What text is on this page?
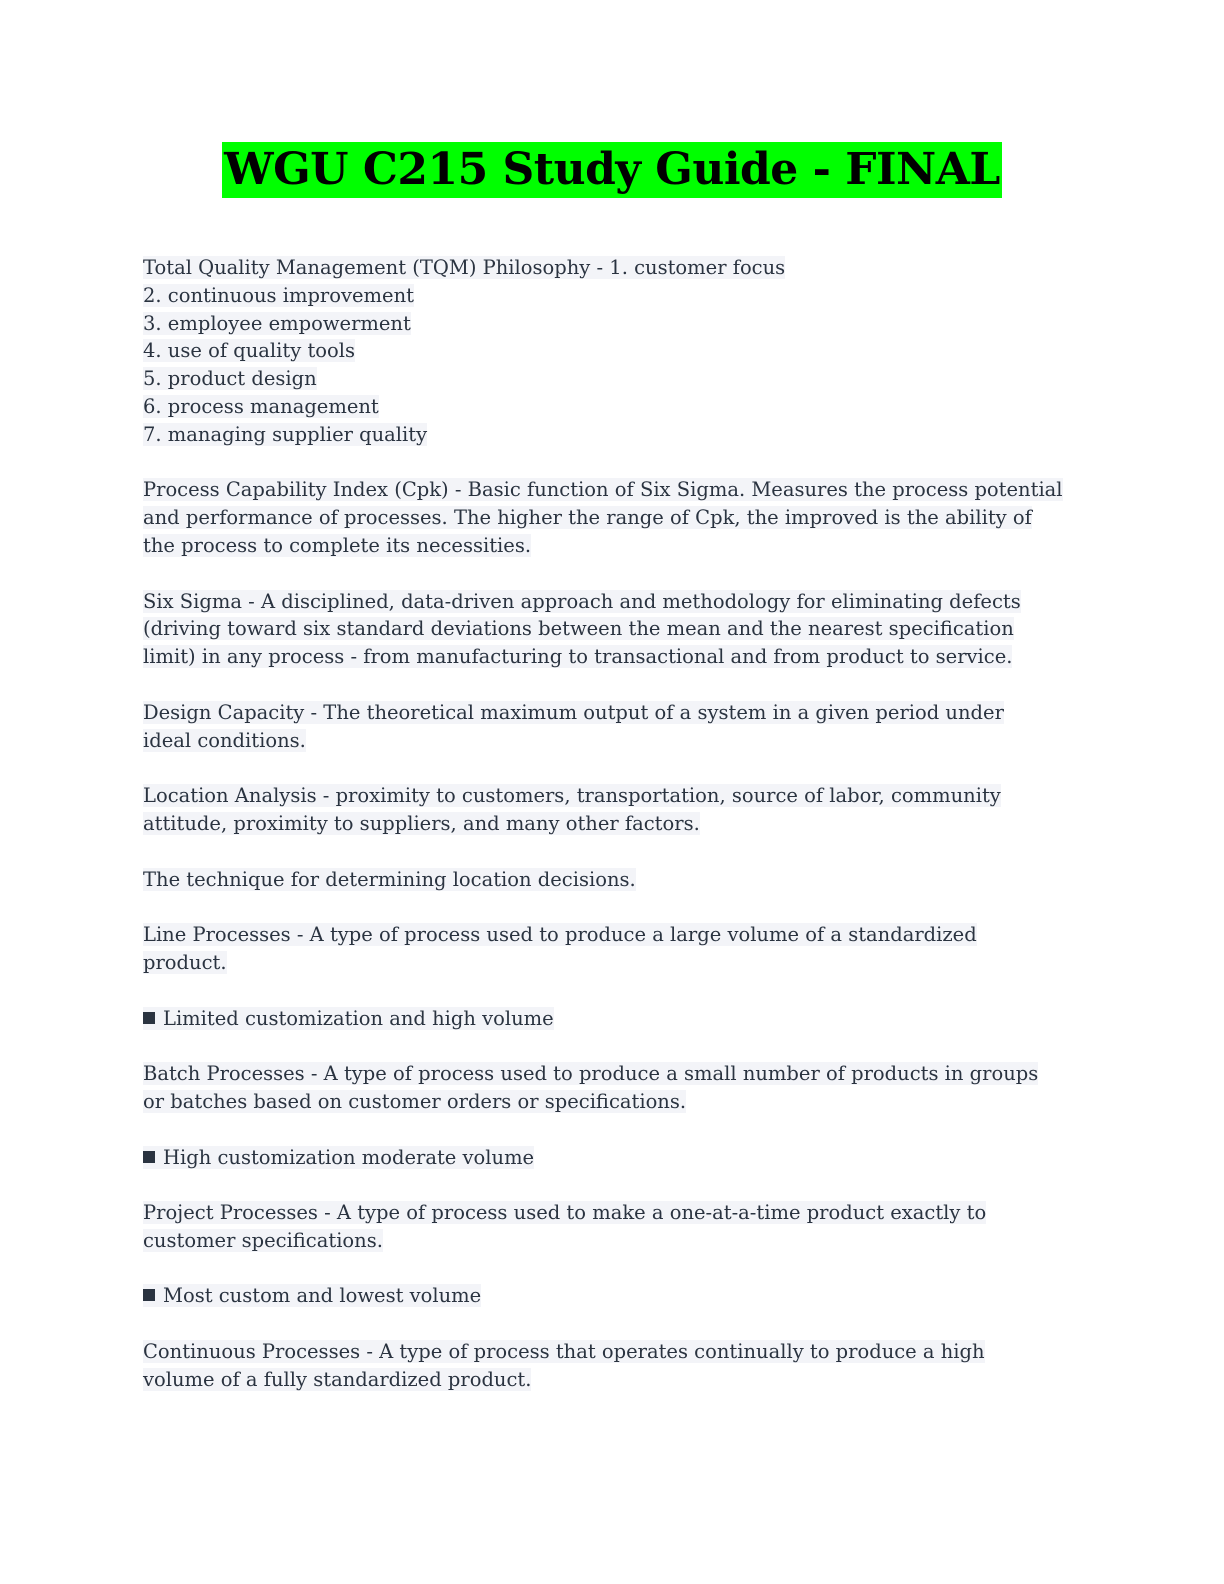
WGU C215 Study Guide - FINAL
Total Quality Management (TQM) Philosophy - 1. customer focus
2. continuous improvement
3. employee empowerment
4. use of quality tools
5. product design
6. process management
7. managing supplier quality
Process Capability Index (Cpk) - Basic function of Six Sigma. Measures the process potential
and performance of processes. The higher the range of Cpk, the improved is the ability of
the process to complete its necessities.
Six Sigma - A disciplined, data-driven approach and methodology for eliminating defects
(driving toward six standard deviations between the mean and the nearest specification
limit) in any process - from manufacturing to transactional and from product to service.
Design Capacity - The theoretical maximum output of a system in a given period under
ideal conditions.
Location Analysis - proximity to customers, transportation, source of labor, community
attitude, proximity to suppliers, and many other factors.
The technique for determining location decisions.
Line Processes - A type of process used to produce a large volume of a standardized
product.
Limited customization and high volume
Batch Processes - A type of process used to produce a small number of products in groups
or batches based on customer orders or specifications.
High customization moderate volume
Project Processes - A type of process used to make a one-at-a-time product exactly to
customer specifications.
Most custom and lowest volume
Continuous Processes - A type of process that operates continually to produce a high
volume of a fully standardized product.
